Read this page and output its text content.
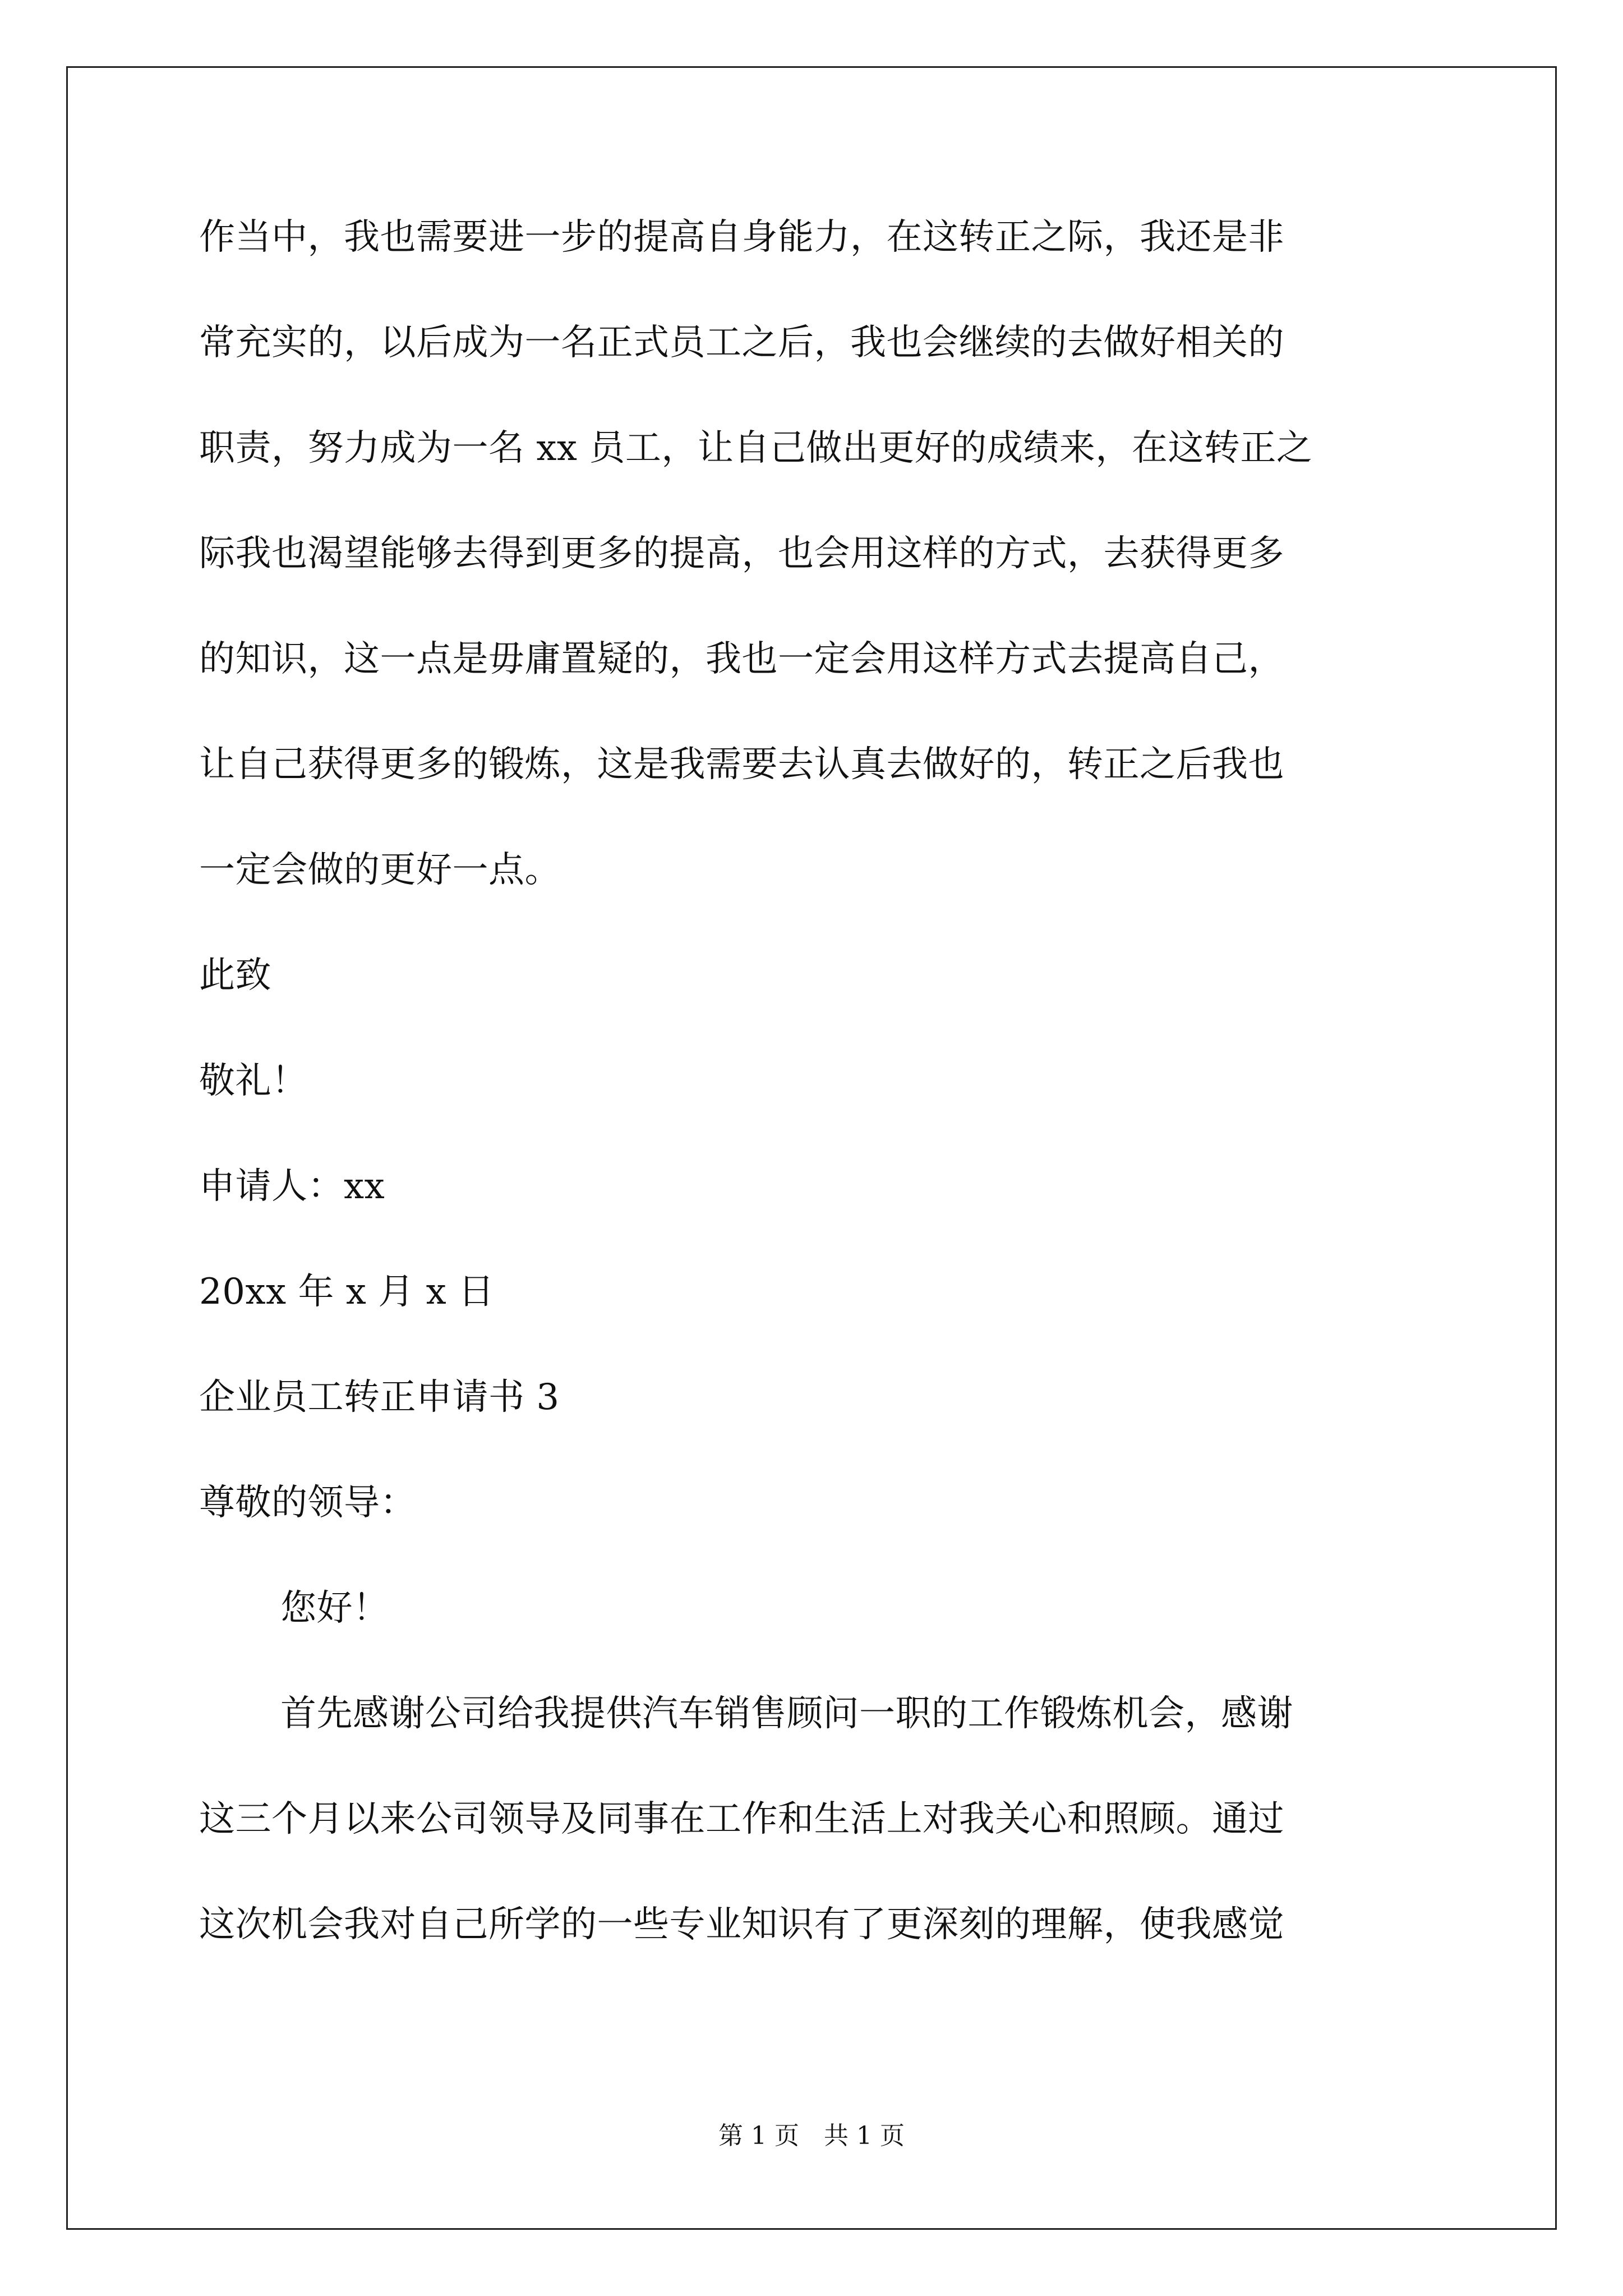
作当中，我也需要进一步的提高自身能力，在这转正之际，我还是非
常充实的，以后成为一名正式员工之后，我也会继续的去做好相关的
职责，努力成为一名 xx 员工，让自己做出更好的成绩来，在这转正之
际我也渴望能够去得到更多的提高，也会用这样的方式，去获得更多
的知识，这一点是毋庸置疑的，我也一定会用这样方式去提高自己，
让自己获得更多的锻炼，这是我需要去认真去做好的，转正之后我也
一定会做的更好一点。
此致
敬礼！
申请人：xx
20xx 年 x 月 x 日
企业员工转正申请书 3
尊敬的领导：
您好！
首先感谢公司给我提供汽车销售顾问一职的工作锻炼机会，感谢
这三个月以来公司领导及同事在工作和生活上对我关心和照顾。通过
这次机会我对自己所学的一些专业知识有了更深刻的理解，使我感觉
第 1 页　共 1 页
